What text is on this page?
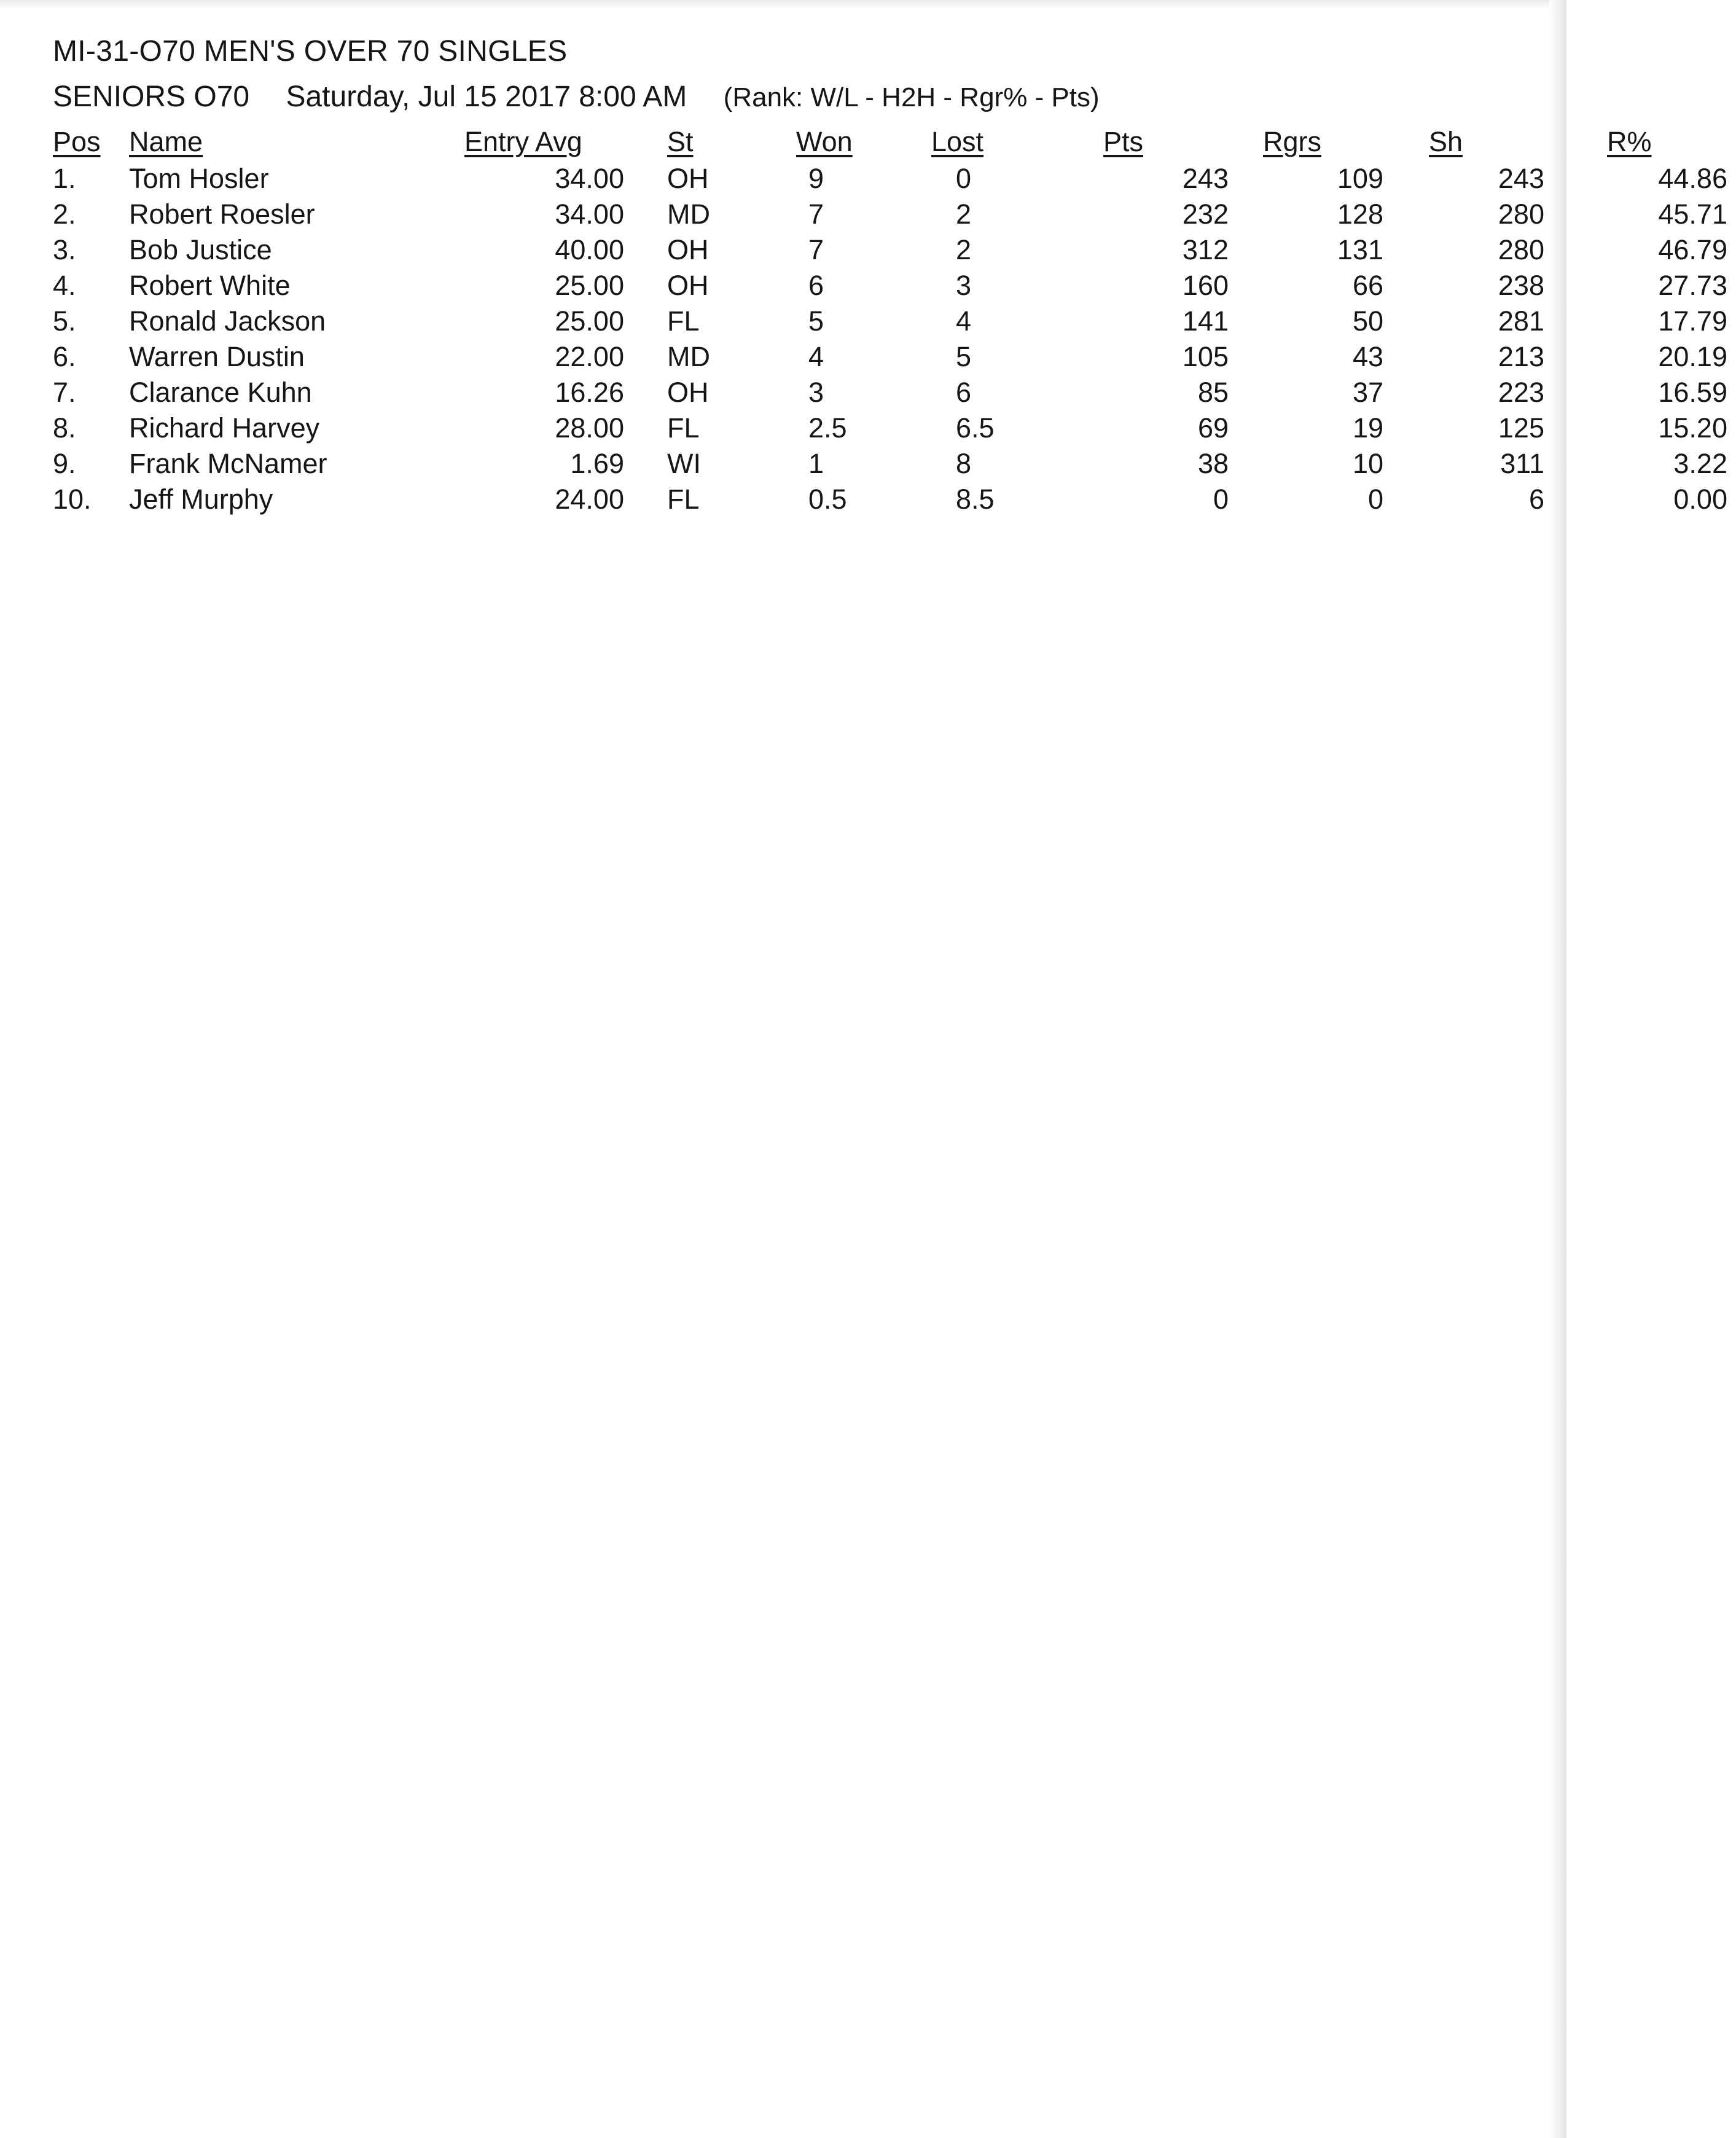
MI-31-O70 MEN'S OVER 70 SINGLES
SENIORS O70 Saturday, Jul 15 2017 8:00 AM (Rank: W/L - H2H - Rgr% - Pts)
Pos	Name	Entry Avg	St	Won	Lost	Pts	Rgrs	Sh	R%
1.	Tom Hosler	34.00	OH	9	0	243	109	243	44.86
2.	Robert Roesler	34.00	MD	7	2	232	128	280	45.71
3.	Bob Justice	40.00	OH	7	2	312	131	280	46.79
4.	Robert White	25.00	OH	6	3	160	66	238	27.73
5.	Ronald Jackson	25.00	FL	5	4	141	50	281	17.79
6.	Warren Dustin	22.00	MD	4	5	105	43	213	20.19
7.	Clarance Kuhn	16.26	OH	3	6	85	37	223	16.59
8.	Richard Harvey	28.00	FL	2.5	6.5	69	19	125	15.20
9.	Frank McNamer	1.69	WI	1	8	38	10	311	3.22
10.	Jeff Murphy	24.00	FL	0.5	8.5	0	0	6	0.00
